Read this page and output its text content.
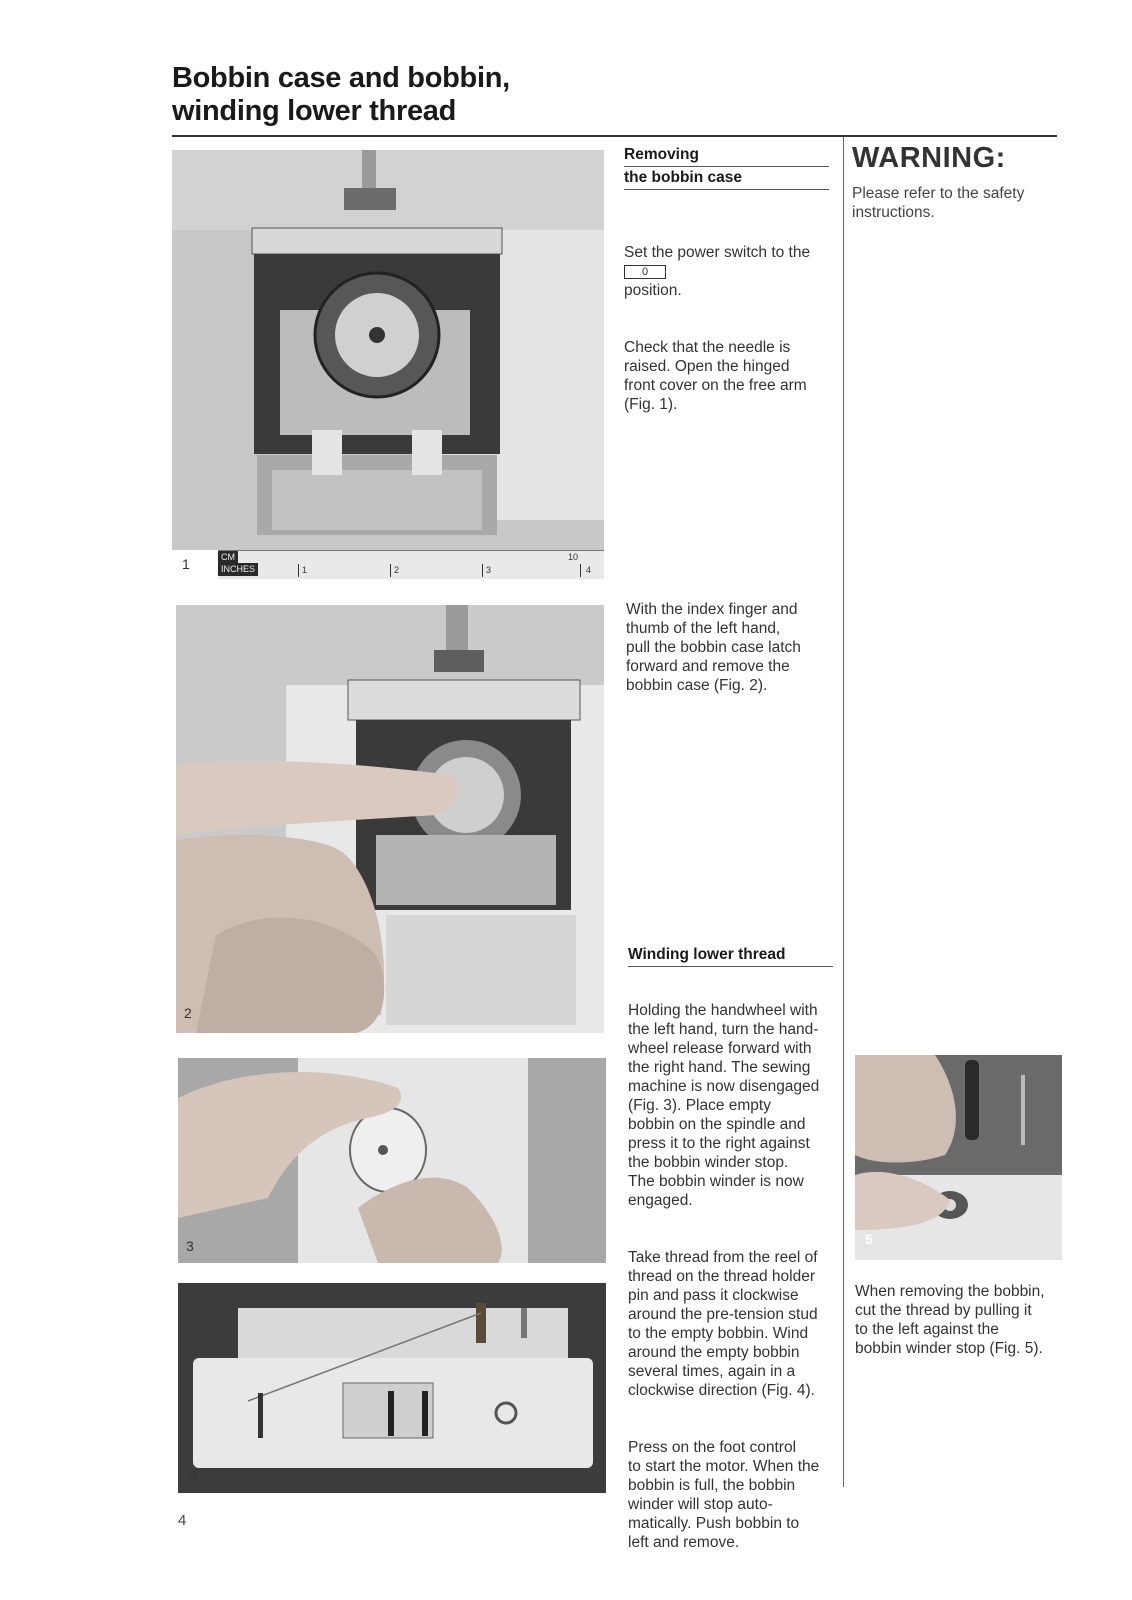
Bobbin case and bobbin,
winding lower thread
1	CM
INCHES	1	2	3
10
4
Removing
the bobbin case

Set the power switch to the
0
position.

Check that the needle is
raised. Open the hinged
front cover on the free arm
(Fig. 1).

WARNING:
Please refer to the safety instructions.
2
With the index finger and
thumb of the left hand,
pull the bobbin case latch
forward and remove the
bobbin case (Fig. 2).
Winding lower thread

Holding the handwheel with
the left hand, turn the hand-
wheel release forward with
the right hand. The sewing
machine is now disengaged
(Fig. 3). Place empty
bobbin on the spindle and
press it to the right against
the bobbin winder stop.
The bobbin winder is now
engaged.

Take thread from the reel of
thread on the thread holder
pin and pass it clockwise
around the pre-tension stud
to the empty bobbin. Wind
around the empty bobbin
several times, again in a
clockwise direction (Fig. 4).

Press on the foot control
to start the motor. When the
bobbin is full, the bobbin
winder will stop auto-
matically. Push bobbin to
left and remove.

3
4
5
When removing the bobbin,
cut the thread by pulling it
to the left against the
bobbin winder stop (Fig. 5).
4
